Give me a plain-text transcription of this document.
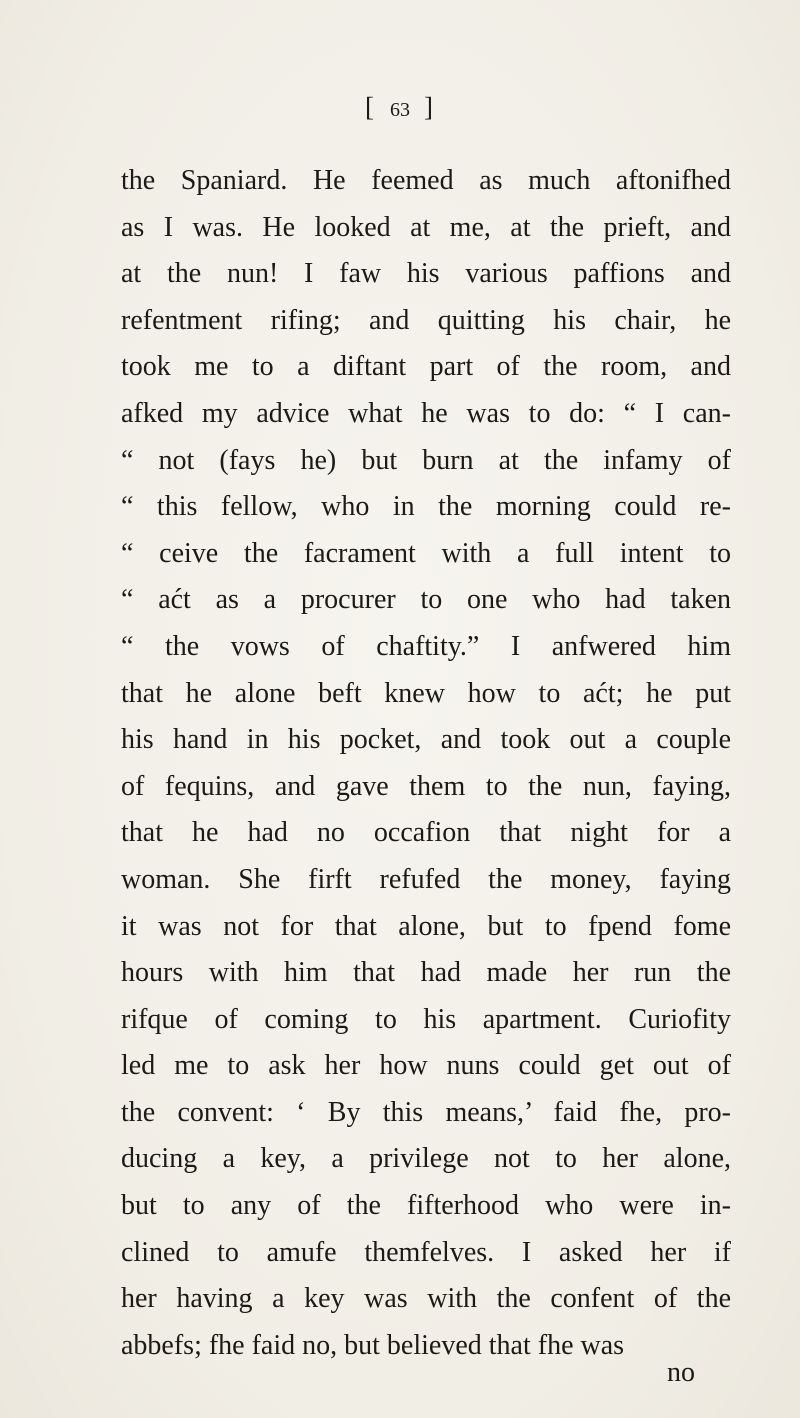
[ 63 ]
the Spaniard. He feemed as much aftonifhed
as I was. He looked at me, at the prieft, and
at the nun! I faw his various paffions and
refentment rifing; and quitting his chair, he
took me to a diftant part of the room, and
afked my advice what he was to do: “ I can-
“ not (fays he) but burn at the infamy of
“ this fellow, who in the morning could re-
“ ceive the facrament with a full intent to
“ aćt as a procurer to one who had taken
“ the vows of chaftity.” I anfwered him
that he alone beft knew how to aćt; he put
his hand in his pocket, and took out a couple
of fequins, and gave them to the nun, faying,
that he had no occafion that night for a
woman. She firft refufed the money, faying
it was not for that alone, but to fpend fome
hours with him that had made her run the
rifque of coming to his apartment. Curiofity
led me to ask her how nuns could get out of
the convent: ‘ By this means,’ faid fhe, pro-
ducing a key, a privilege not to her alone,
but to any of the fifterhood who were in-
clined to amufe themfelves. I asked her if
her having a key was with the confent of the
abbefs; fhe faid no, but believed that fhe was
no
